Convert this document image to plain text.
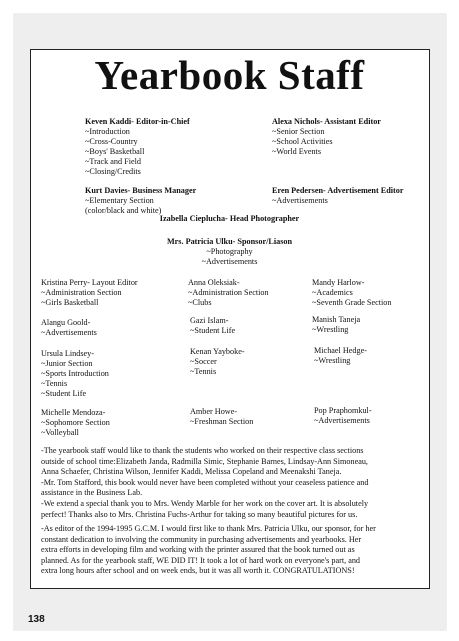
Yearbook Staff
Keven Kaddi- Editor-in-Chief
~Introduction
~Cross-Country
~Boys' Basketball
~Track and Field
~Closing/Credits
Alexa Nichols- Assistant Editor
~Senior Section
~School Activities
~World Events
Kurt Davies- Business Manager
~Elementary Section
(color/black and white)
Eren Pedersen- Advertisement Editor
~Advertisements
Izabella Cieplucha- Head Photographer
Mrs. Patricia Ulku- Sponsor/Liason
~Photography
~Advertisements
Kristina Perry- Layout Editor
~Administration Section
~Girls Basketball
Anna Oleksiak-
~Administration Section
~Clubs
Mandy Harlow-
~Academics
~Seventh Grade Section
Alangu Goold-
~Advertisements
Gazi Islam-
~Student Life
Manish Taneja
~Wrestling
Ursula Lindsey-
~Junior Section
~Sports Introduction
~Tennis
~Student Life
Kenan Yayboke-
~Soccer
~Tennis
Michael Hedge-
~Wrestling
Michelle Mendoza-
~Sophomore Section
~Volleyball
Amber Howe-
~Freshman Section
Pop Praphomkul-
~Advertisements
-The yearbook staff would like to thank the students who worked on their respective class sections
outside of school time:Elizabeth Janda, Radmilla Simic, Stephanie Barnes, Lindsay-Ann Simoneau,
Anna Schaefer, Christina Wilson, Jennifer Kaddi, Melissa Copeland and Meenakshi Taneja.
-Mr. Tom Stafford, this book would never have been completed without your ceaseless patience and
assistance in the Business Lab.
-We extend a special thank you to Mrs. Wendy Marble for her work on the cover art. It is absolutely
perfect! Thanks also to Mrs. Christina Fuchs-Arthur for taking so many beautiful pictures for us.
-As editor of the 1994-1995 G.C.M. I would first like to thank Mrs. Patricia Ulku, our sponsor, for her
constant dedication to involving the community in purchasing advertisements and yearbooks. Her
extra efforts in developing film and working with the printer assured that the book turned out as
planned. As for the yearbook staff, WE DID IT! It took a lot of hard work on everyone's part, and
extra long hours after school and on week ends, but it was all worth it. CONGRATULATIONS!
138
